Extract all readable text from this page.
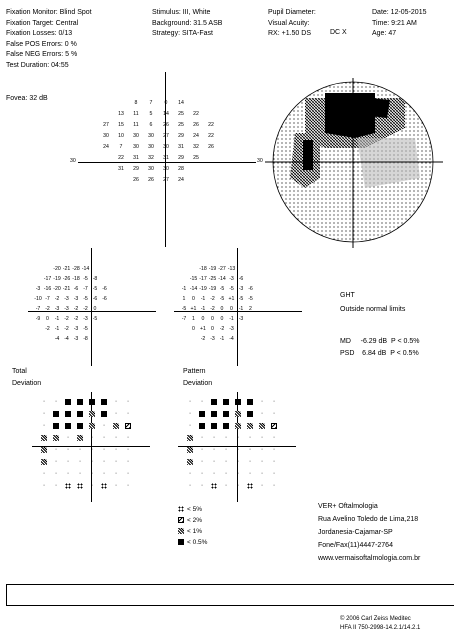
Fixation Monitor: Blind Spot
Fixation Target: Central
Fixation Losses: 0/13
False POS Errors: 0 %
False NEG Errors: 5 %
Test Duration: 04:55
Fovea: 32 dB
Stimulus: III, White
Background: 31.5 ASB
Strategy: SITA-Fast
Pupil Diameter:
Visual Acuity:
RX: +1.50 DS	DC X
Date: 12-05-2015
Time: 9:21 AM
Age: 47
30	30
8	7	0	14
13	11	5	14	25	22
27	15	11	6	26	25	26	22
30	10	30	30	27	29	24	22
24	7	30	30	30	31	32	26
22	31	32	31	29	25
31	29	30	30	28
26	26	27	24
-20 -21 -28 -14
-17 -19 -26 -18 -5 -8
-3 -16 -20 -21 -6 -7 -5 -6
-10 -7 -2 -3 -3 -5 -6 -6
-7 -2 -3 -3 -2 -2	0
-9	0	-1 -2 -2 -3 -5
-2 -1 -2 -3 -5
-4 -4 -3 -8
-18 -19 -27 -13
-15 -17 -25 -14 -3 -6
-1 -14 -19 -19 -5 -5 -3 -6
1	0	-1 -2 -5 +1 -5 -5
-5 +1 -1 -2	0	0	-1	2
-7	1	0	0	0	-1 -3
0 +1 0	-2 -3
-2 -3 -1 -4
GHT
Outside normal limits
MD     -6.29 dB  P < 0.5%
PSD    6.84 dB  P < 0.5%
Total
Deviation
Pattern
Deviation
·
·
·
·
·
·
·
·
·
·
·
·
·
·
·
·
·
·
·
·
·
·
·
·
·
·
·
·
·
·
·
·
·
·
·
·
·
·
·
·
·
·
·
·
·
·
·
·
·
·
·
·
·
·
·
·
·
·
·
·
·
·
·
·
·
·
·
·
·
·
·
·
·
·
·
·
·
·
·
·
·
·
·
·
< 5%
< 2%
< 1%
< 0.5%
VER+ Oftalmologia
Rua Avelino Toledo de Lima,218
Jordanesia-Cajamar-SP
Fone/Fax(11)4447-2764
www.vermaisoftalmologia.com.br
© 2006 Carl Zeiss Meditec
HFA II 750-2998-14.2.1/14.2.1
